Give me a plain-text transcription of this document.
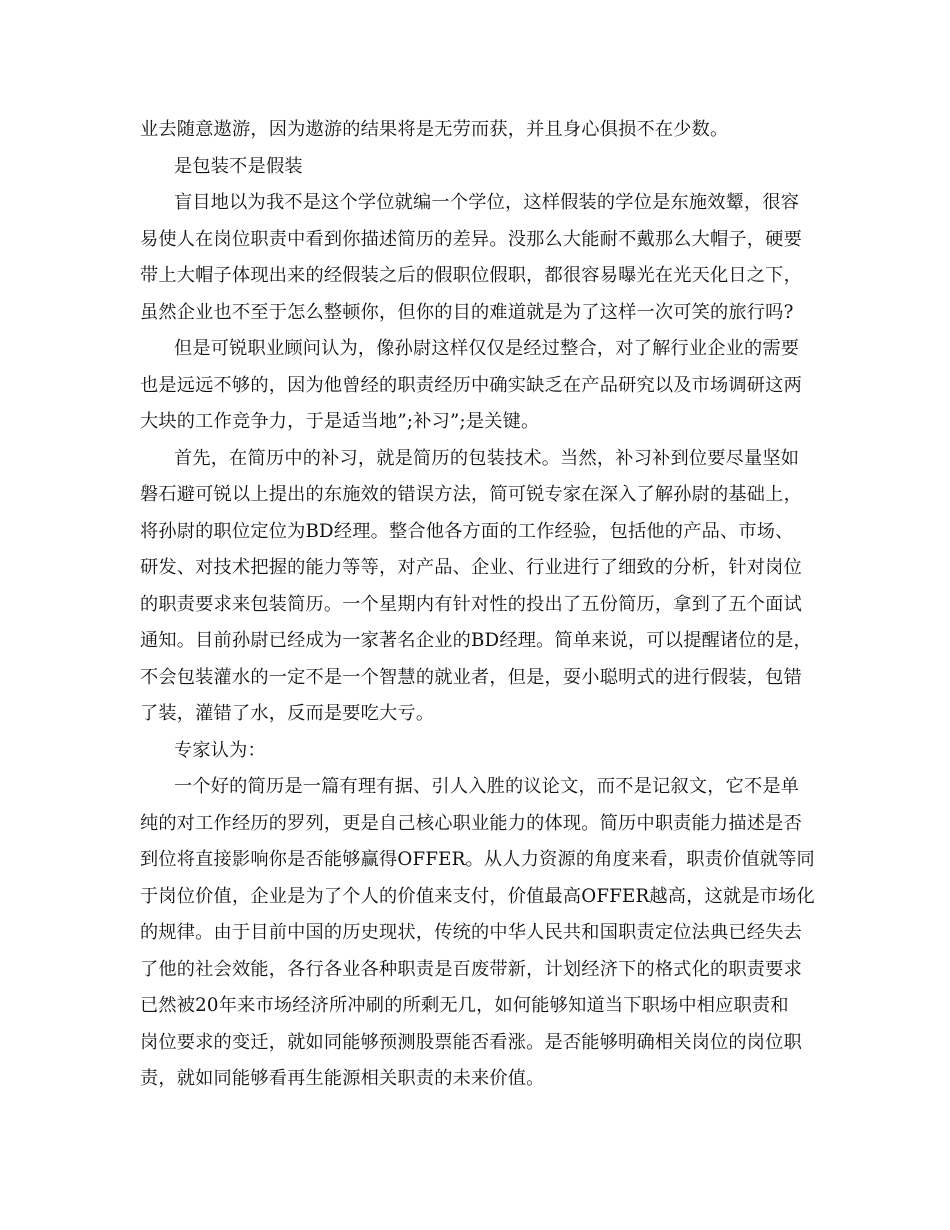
业去随意遨游，因为遨游的结果将是无劳而获，并且身心俱损不在少数。
是包装不是假装
盲目地以为我不是这个学位就编一个学位，这样假装的学位是东施效颦，很容
易使人在岗位职责中看到你描述简历的差异。没那么大能耐不戴那么大帽子，硬要
带上大帽子体现出来的经假装之后的假职位假职，都很容易曝光在光天化日之下，
虽然企业也不至于怎么整顿你，但你的目的难道就是为了这样一次可笑的旅行吗?
但是可锐职业顾问认为，像孙尉这样仅仅是经过整合，对了解行业企业的需要
也是远远不够的，因为他曾经的职责经历中确实缺乏在产品研究以及市场调研这两
大块的工作竞争力，于是适当地”;补习”;是关键。
首先，在简历中的补习，就是简历的包装技术。当然，补习补到位要尽量坚如
磐石避可锐以上提出的东施效的错误方法，简可锐专家在深入了解孙尉的基础上，
将孙尉的职位定位为BD经理。整合他各方面的工作经验，包括他的产品、市场、
研发、对技术把握的能力等等，对产品、企业、行业进行了细致的分析，针对岗位
的职责要求来包装简历。一个星期内有针对性的投出了五份简历，拿到了五个面试
通知。目前孙尉已经成为一家著名企业的BD经理。简单来说，可以提醒诸位的是，
不会包装灌水的一定不是一个智慧的就业者，但是，耍小聪明式的进行假装，包错
了装，灌错了水，反而是要吃大亏。
专家认为：
一个好的简历是一篇有理有据、引人入胜的议论文，而不是记叙文，它不是单
纯的对工作经历的罗列，更是自己核心职业能力的体现。简历中职责能力描述是否
到位将直接影响你是否能够赢得OFFER。从人力资源的角度来看，职责价值就等同
于岗位价值，企业是为了个人的价值来支付，价值最高OFFER越高，这就是市场化
的规律。由于目前中国的历史现状，传统的中华人民共和国职责定位法典已经失去
了他的社会效能，各行各业各种职责是百废带新，计划经济下的格式化的职责要求
已然被20年来市场经济所冲刷的所剩无几，如何能够知道当下职场中相应职责和
岗位要求的变迁，就如同能够预测股票能否看涨。是否能够明确相关岗位的岗位职
责，就如同能够看再生能源相关职责的未来价值。
